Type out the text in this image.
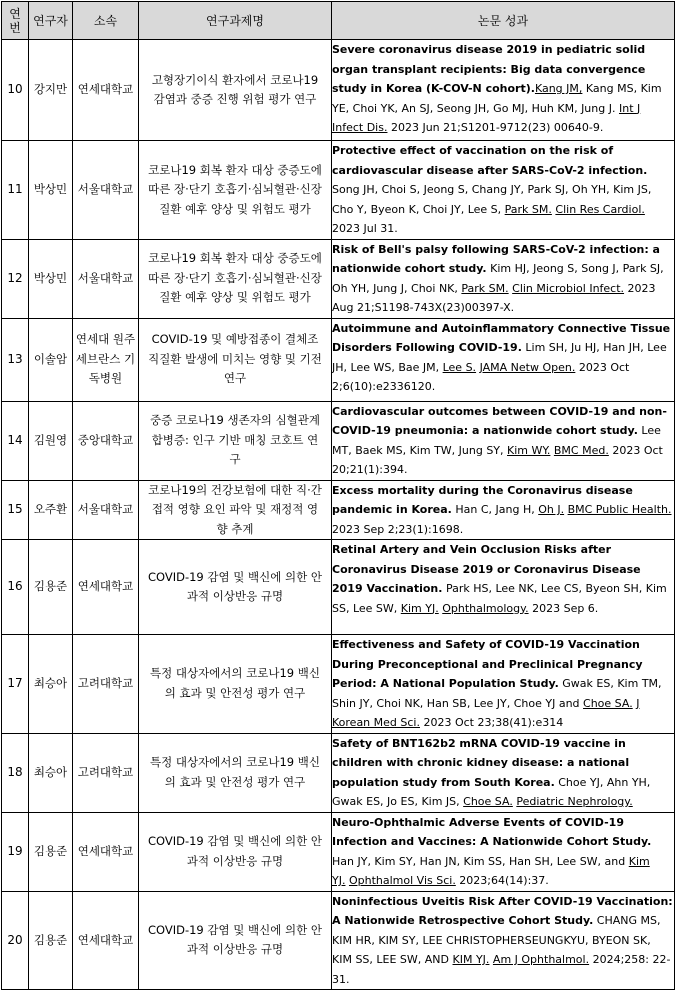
연번	연구자	소속	연구과제명	논문 성과
10	강지만	연세대학교	고형장기이식 환자에서 코로나19 감염과 중증 진행 위험 평가 연구	Severe coronavirus disease 2019 in pediatric solid organ transplant recipients: Big data convergence study in Korea (K-COV-N cohort).Kang JM, Kang MS, Kim YE, Choi YK, An SJ, Seong JH, Go MJ, Huh KM, Jung J. Int J Infect Dis. 2023 Jun 21;S1201-9712(23) 00640-9.
11	박상민	서울대학교	코로나19 회복 환자 대상 중증도에 따른 장·단기 호흡기·심뇌혈관·신장질환 예후 양상 및 위험도 평가	Protective effect of vaccination on the risk of cardiovascular disease after SARS-CoV-2 infection. Song JH, Choi S, Jeong S, Chang JY, Park SJ, Oh YH, Kim JS, Cho Y, Byeon K, Choi JY, Lee S, Park SM. Clin Res Cardiol. 2023 Jul 31.
12	박상민	서울대학교	코로나19 회복 환자 대상 중증도에 따른 장·단기 호흡기·심뇌혈관·신장질환 예후 양상 및 위험도 평가	Risk of Bell's palsy following SARS-CoV-2 infection: a nationwide cohort study. Kim HJ, Jeong S, Song J, Park SJ, Oh YH, Jung J, Choi NK, Park SM. Clin Microbiol Infect. 2023 Aug 21;S1198-743X(23)00397-X.
13	이솔암	연세대 원주세브란스 기독병원	COVID-19 및 예방접종이 결체조직질환 발생에 미치는 영향 및 기전 연구	Autoimmune and Autoinflammatory Connective Tissue Disorders Following COVID-19. Lim SH, Ju HJ, Han JH, Lee JH, Lee WS, Bae JM, Lee S. JAMA Netw Open. 2023 Oct 2;6(10):e2336120.
14	김원영	중앙대학교	중증 코로나19 생존자의 심혈관계 합병증: 인구 기반 매칭 코호트 연구	Cardiovascular outcomes between COVID-19 and non-COVID-19 pneumonia: a nationwide cohort study. Lee MT, Baek MS, Kim TW, Jung SY, Kim WY. BMC Med. 2023 Oct 20;21(1):394.
15	오주환	서울대학교	코로나19의 건강보험에 대한 직·간접적 영향 요인 파악 및 재정적 영향 추계	Excess mortality during the Coronavirus disease pandemic in Korea. Han C, Jang H, Oh J. BMC Public Health. 2023 Sep 2;23(1):1698.
16	김용준	연세대학교	COVID-19 감염 및 백신에 의한 안과적 이상반응 규명	Retinal Artery and Vein Occlusion Risks after Coronavirus Disease 2019 or Coronavirus Disease 2019 Vaccination. Park HS, Lee NK, Lee CS, Byeon SH, Kim SS, Lee SW, Kim YJ. Ophthalmology. 2023 Sep 6.
17	최승아	고려대학교	특정 대상자에서의 코로나19 백신의 효과 및 안전성 평가 연구	Effectiveness and Safety of COVID-19 Vaccination During Preconceptional and Preclinical Pregnancy Period: A National Population Study. Gwak ES, Kim TM, Shin JY, Choi NK, Han SB, Lee JY, Choe YJ and Choe SA. J Korean Med Sci. 2023 Oct 23;38(41):e314
18	최승아	고려대학교	특정 대상자에서의 코로나19 백신의 효과 및 안전성 평가 연구	Safety of BNT162b2 mRNA COVID-19 vaccine in children with chronic kidney disease: a national population study from South Korea. Choe YJ, Ahn YH, Gwak ES, Jo ES, Kim JS, Choe SA. Pediatric Nephrology.
19	김용준	연세대학교	COVID-19 감염 및 백신에 의한 안과적 이상반응 규명	Neuro-Ophthalmic Adverse Events of COVID-19 Infection and Vaccines: A Nationwide Cohort Study. Han JY, Kim SY, Han JN, Kim SS, Han SH, Lee SW, and Kim YJ. Ophthalmol Vis Sci. 2023;64(14):37.
20	김용준	연세대학교	COVID-19 감염 및 백신에 의한 안과적 이상반응 규명	Noninfectious Uveitis Risk After COVID-19 Vaccination: A Nationwide Retrospective Cohort Study. CHANG MS, KIM HR, KIM SY, LEE CHRISTOPHERSEUNGKYU, BYEON SK, KIM SS, LEE SW, AND KIM YJ. Am J Ophthalmol. 2024;258: 22-31.
